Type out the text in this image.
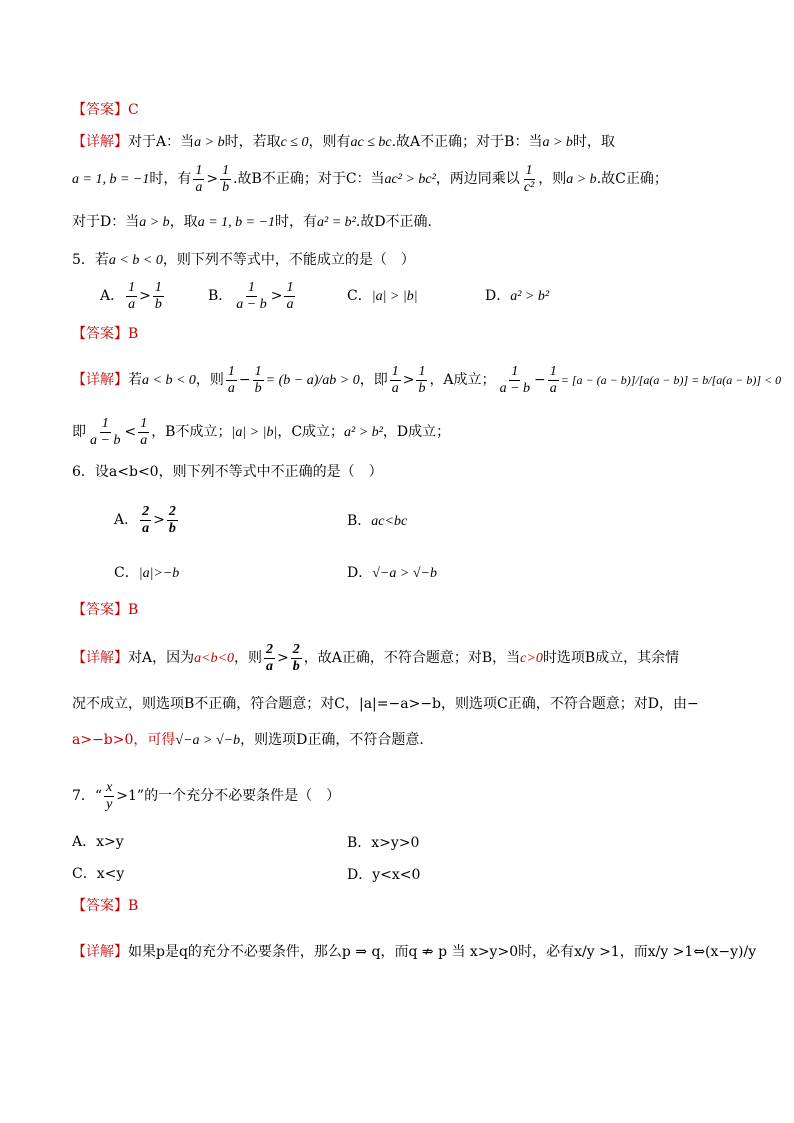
【答案】C
【详解】对于A：当a > b时，若取c ≤ 0，则有ac ≤ bc.故A不正确；对于B：当a > b时，取
a = 1, b = −1时，有 $\frac{1}{a} > \frac{1}{b}$ .故B不正确；对于C：当ac² > bc²，两边同乘以 $\frac{1}{\text{c²}}$ ，则a > b.故C正确；
对于D：当a > b，取a = 1, b = −1时，有a² = b².故D不正确.
5．若a < b < 0，则下列不等式中，不能成立的是（　）
A． $\frac{1}{a} > \frac{1}{b}$	B． $\frac{1}{a - b} > \frac{1}{a}$	C．|a| > |b|	D．a² > b²
【答案】B
【详解】若a < b < 0，则 $\frac{1}{a} - \frac{1}{b} = (b - a)/ab > 0$，即 $\frac{1}{a} > \frac{1}{b}$ ，A成立； $\frac{1}{a - b} - \frac{1}{a} = [a - (a - b)]/[a(a - b)] = b/[a(a - b)] < 0$
即 $\frac{1}{a - b} < \frac{1}{a}$ ，B不成立；|a| > |b|，C成立；a² > b²，D成立；
6．设a<b<0，则下列不等式中不正确的是（　）
A． $\frac{2}{a} > \frac{2}{b}$	B．ac<bc
C．|a|>−b	D．√−a > √−b
【答案】B
【详解】对A，因为a<b<0，则 $\frac{2}{a} > \frac{2}{b}$ ，故A正确，不符合题意；对B，当c>0时选项B成立，其余情
况不成立，则选项B不正确，符合题意；对C，|a|=−a>−b，则选项C正确，不符合题意；对D，由−
a>−b>0，可得√−a > √−b，则选项D正确，不符合题意.
7．“ $\frac{x}{y} >1$”的一个充分不必要条件是（　）
A．x>y	B．x>y>0
C．x<y	D．y<x<0
【答案】B
【详解】如果p是q的充分不必要条件，那么p ⇒ q，而q ⇏ p 当 x>y>0时，必有x/y >1，而x/y >1⇔(x−y)/y
